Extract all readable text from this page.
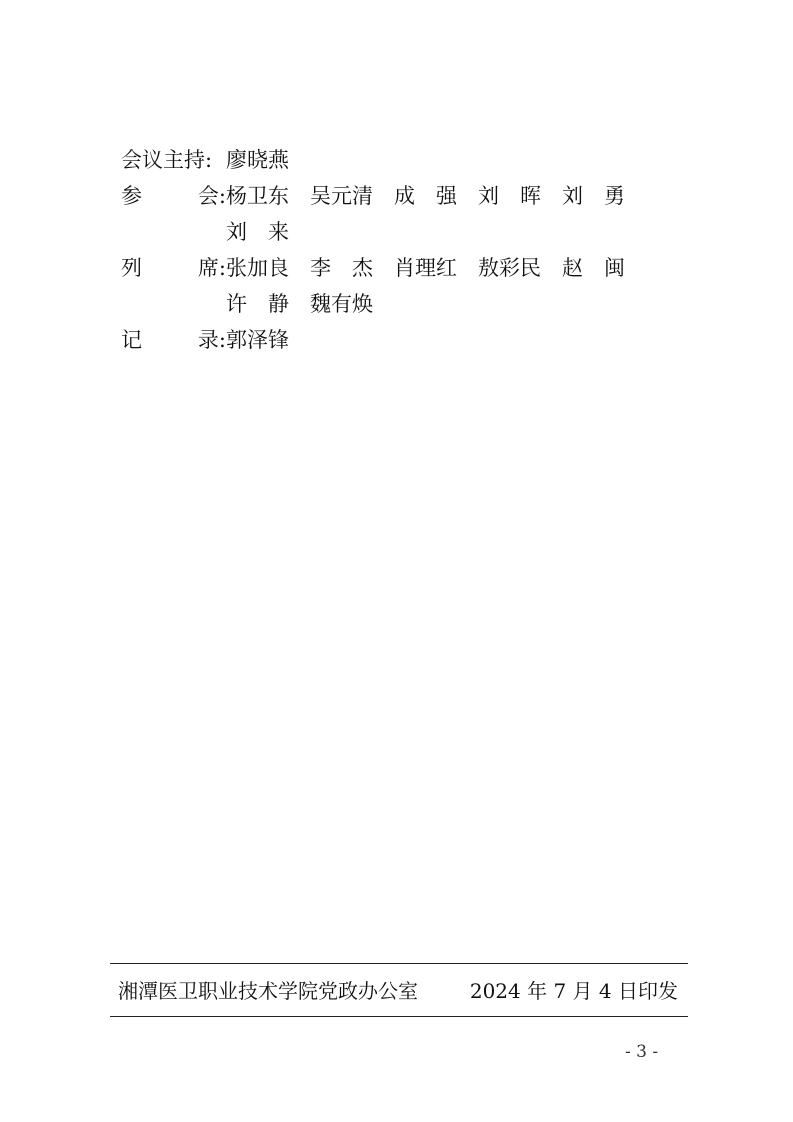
会议主持: 廖晓燕
参	会: 杨卫东 吴元清 成　强 刘　晖 刘　勇
刘　来
列	席: 张加良 李　杰 肖理红 敖彩民 赵　闽
许　静 魏有焕
记	录: 郭泽锋
湘潭医卫职业技术学院党政办公室	2024 年 7 月 4 日印发
- 3 -
